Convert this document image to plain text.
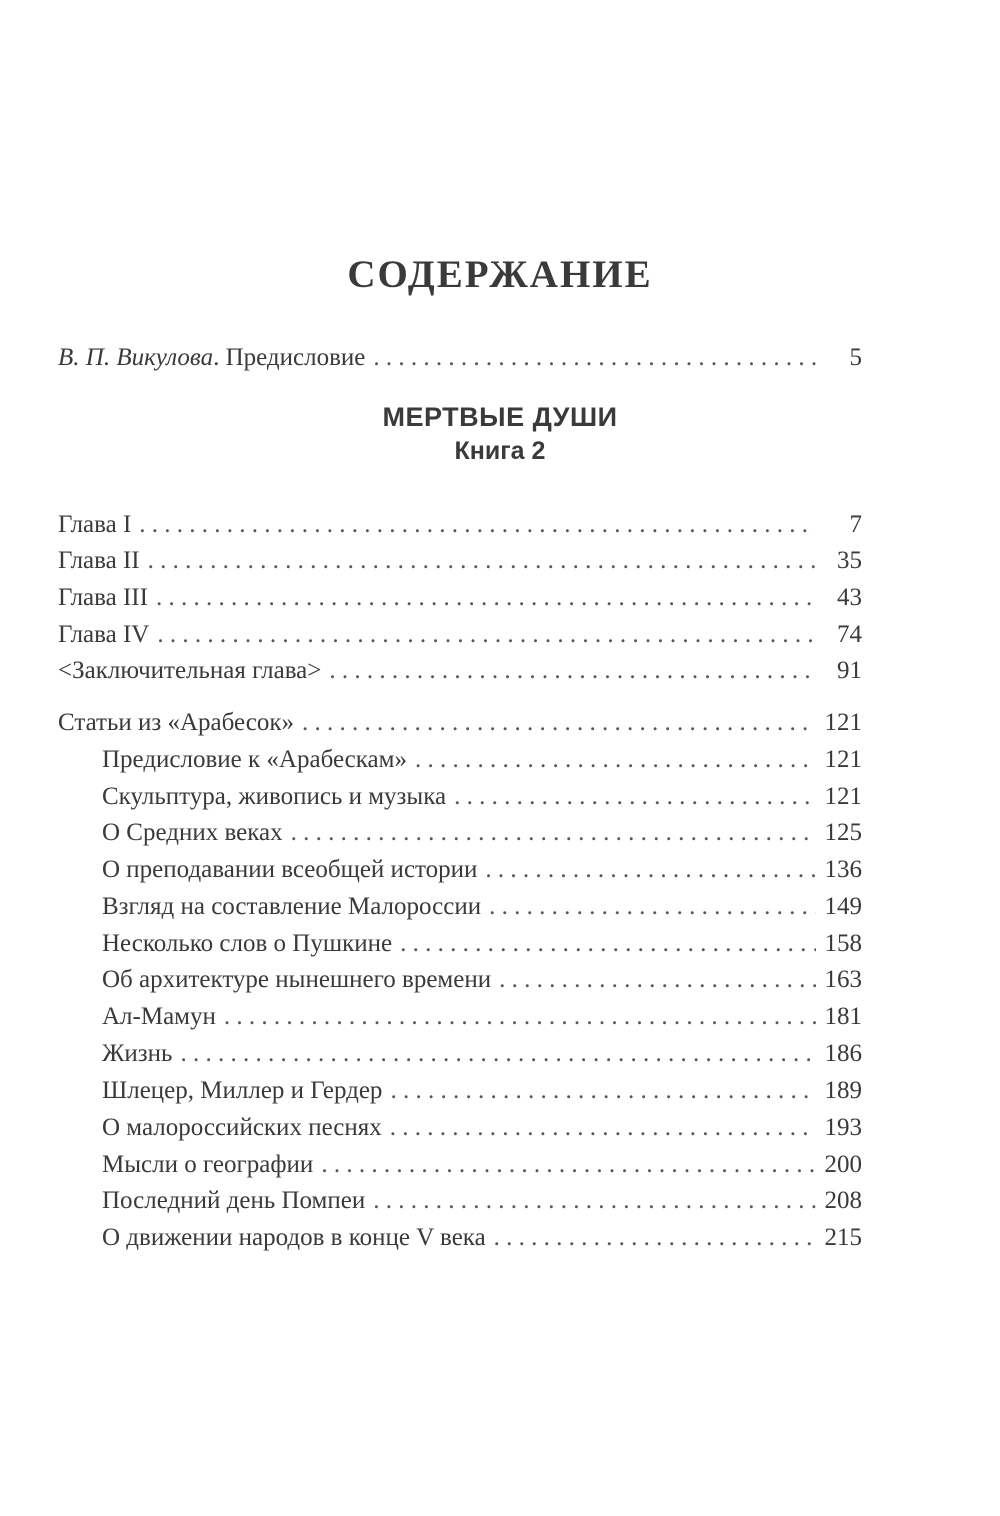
СОДЕРЖАНИЕ
В. П. Викулова. Предисловие . . .	5
МЕРТВЫЕ ДУШИ
Книга 2
Глава I . . .	7
Глава II . . .	35
Глава III . . .	43
Глава IV . . .	74
<Заключительная глава> . . .	91
Статьи из «Арабесок» . . .	121
Предисловие к «Арабескам» . . .	121
Скульптура, живопись и музыка . . .	121
О Средних веках . . .	125
О преподавании всеобщей истории . . .	136
Взгляд на составление Малороссии . . .	149
Несколько слов о Пушкине . . .	158
Об архитектуре нынешнего времени . . .	163
Ал-Мамун . . .	181
Жизнь . . .	186
Шлецер, Миллер и Гердер . . .	189
О малороссийских песнях . . .	193
Мысли о географии . . .	200
Последний день Помпеи . . .	208
О движении народов в конце V века . . .	215
